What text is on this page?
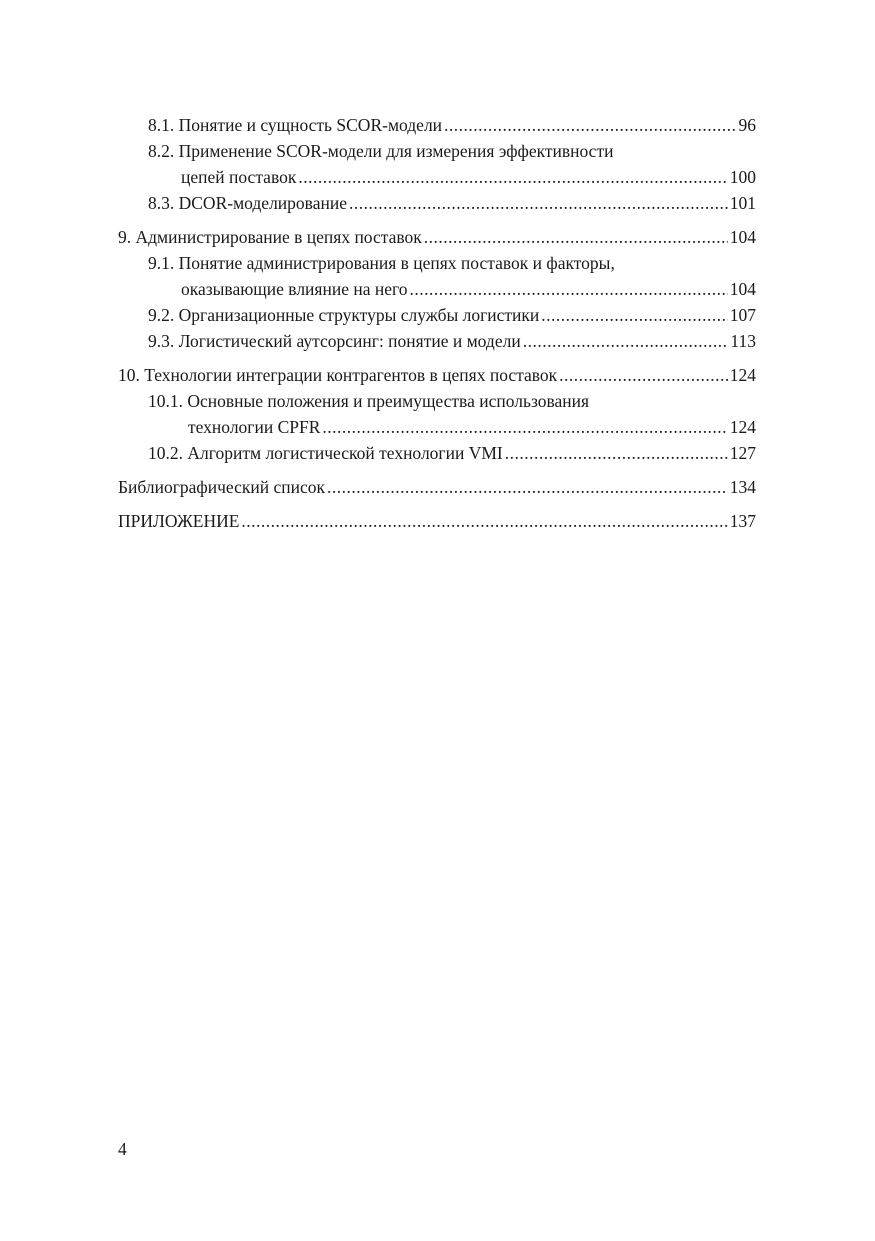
8.1. Понятие и сущность SCOR-модели .....	96
8.2. Применение SCOR-модели для измерения эффективности
цепей поставок .....	100
8.3. DCOR-моделирование .....	101
9. Администрирование в цепях поставок .....	104
9.1. Понятие администрирования в цепях поставок и факторы,
оказывающие влияние на него .....	104
9.2. Организационные структуры службы логистики .....	107
9.3. Логистический аутсорсинг: понятие и модели .....	113
10. Технологии интеграции контрагентов в цепях поставок .....	124
10.1. Основные положения и преимущества использования
технологии CPFR .....	124
10.2. Алгоритм логистической технологии VMI .....	127
Библиографический список .....	134
ПРИЛОЖЕНИЕ .....	137
4
